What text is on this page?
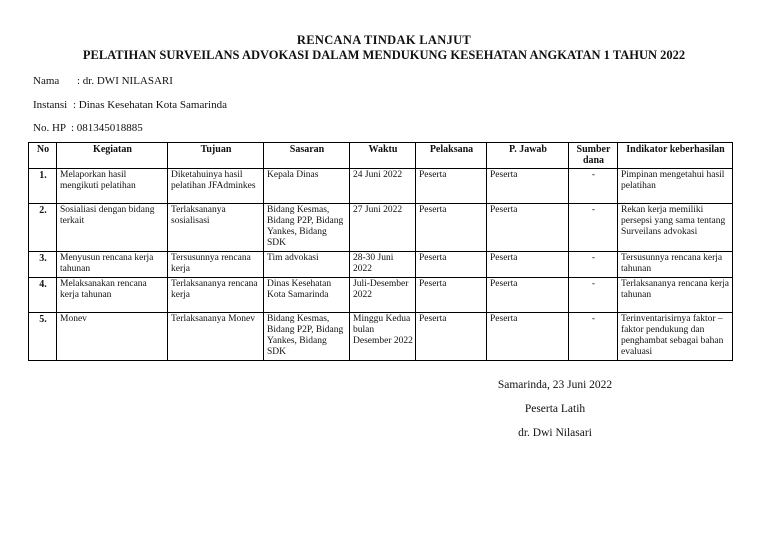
RENCANA TINDAK LANJUT
PELATIHAN SURVEILANS ADVOKASI DALAM MENDUKUNG KESEHATAN ANGKATAN 1 TAHUN 2022
Nama : dr. DWI NILASARI
Instansi : Dinas Kesehatan Kota Samarinda
No. HP : 081345018885
No	Kegiatan	Tujuan	Sasaran	Waktu	Pelaksana	P. Jawab	Sumber dana	Indikator keberhasilan
1.	Melaporkan hasil mengikuti pelatihan	Diketahuinya hasil pelatihan JFAdminkes	Kepala Dinas	24 Juni 2022	Peserta	Peserta	-	Pimpinan mengetahui hasil pelatihan
2.	Sosialiasi dengan bidang terkait	Terlaksananya sosialisasi	Bidang Kesmas, Bidang P2P, Bidang Yankes, Bidang SDK	27 Juni 2022	Peserta	Peserta	-	Rekan kerja memiliki persepsi yang sama tentang Surveilans advokasi
3.	Menyusun rencana kerja tahunan	Tersusunnya rencana kerja	Tim advokasi	28-30 Juni 2022	Peserta	Peserta	-	Tersusunnya rencana kerja tahunan
4.	Melaksanakan rencana kerja tahunan	Terlaksananya rencana kerja	Dinas Kesehatan Kota Samarinda	Juli-Desember 2022	Peserta	Peserta	-	Terlaksananya rencana kerja tahunan
5.	Monev	Terlaksananya Monev	Bidang Kesmas, Bidang P2P, Bidang Yankes, Bidang SDK	Minggu Kedua bulan Desember 2022	Peserta	Peserta	-	Terinventarisirnya faktor – faktor pendukung dan penghambat sebagai bahan evaluasi
Samarinda, 23 Juni 2022
Peserta Latih
dr. Dwi Nilasari
